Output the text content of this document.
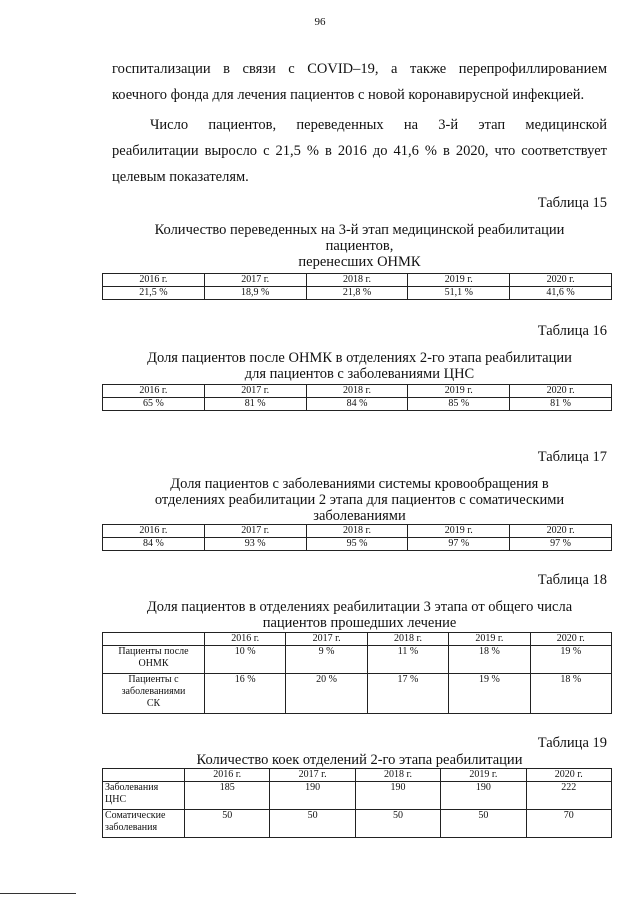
96

госпитализации в связи с COVID–19, а также перепрофиллированием
коечного фонда для лечения пациентов с новой коронавирусной инфекцией.

Число пациентов, переведенных на 3-й этап медицинской
реабилитации выросло с 21,5 % в 2016 до 41,6 % в 2020, что соответствует
целевым показателям.

Таблица 15
Количество переведенных на 3-й этап медицинской реабилитации
пациентов,
перенесших ОНМК
2016 г.	2017 г.	2018 г.	2019 г.	2020 г.
21,5 %	18,9 %	21,8 %	51,1 %	41,6 %
Таблица 16
Доля пациентов после ОНМК в отделениях 2-го этапа реабилитации
для пациентов с заболеваниями ЦНС
2016 г.	2017 г.	2018 г.	2019 г.	2020 г.
65 %	81 %	84 %	85 %	81 %
Таблица 17
Доля пациентов с заболеваниями системы кровообращения в
отделениях реабилитации 2 этапа для пациентов с соматическими
заболеваниями
2016 г.	2017 г.	2018 г.	2019 г.	2020 г.
84 %	93 %	95 %	97 %	97 %
Таблица 18
Доля пациентов в отделениях реабилитации 3 этапа от общего числа
пациентов прошедших лечение
	2016 г.	2017 г.	2018 г.	2019 г.	2020 г.
Пациенты после
ОНМК	10 %	9 %	11 %	18 %	19 %
Пациенты с
заболеваниями
СК	16 %	20 %	17 %	19 %	18 %
Таблица 19
Количество коек отделений 2-го этапа реабилитации
	2016 г.	2017 г.	2018 г.	2019 г.	2020 г.
Заболевания
ЦНС	185	190	190	190	222
Соматические
заболевания	50	50	50	50	70
